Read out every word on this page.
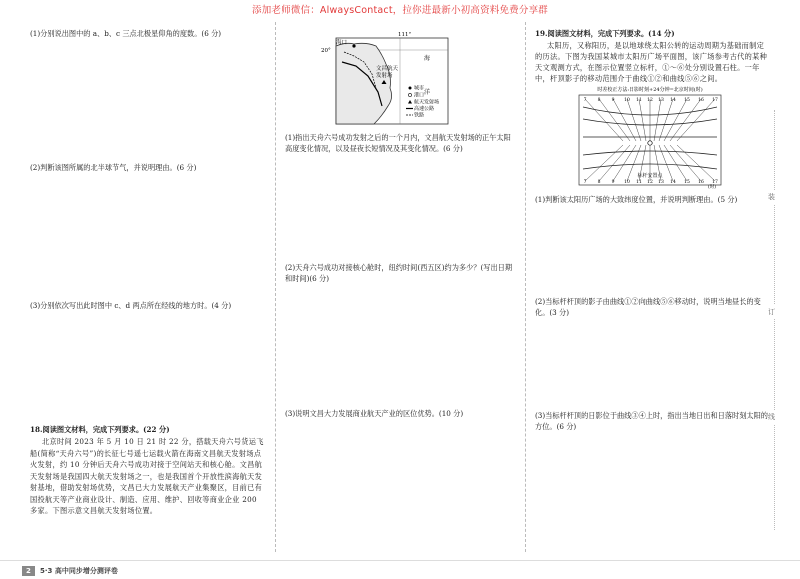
添加老师微信：AlwaysContact，拉你进最新小初高资料免费分享群
(1)分别说出图中的 a、b、c 三点北极星仰角的度数。(6 分)
(2)判断该图所属的北半球节气，并说明理由。(6 分)
(3)分别依次写出此时图中 c、d 两点所在经线的地方时。(4 分)
18.阅读图文材料，完成下列要求。(22 分)
北京时间 2023 年 5 月 10 日 21 时 22 分，搭载天舟六号货运飞船(简称“天舟六号”)的长征七号遥七运载火箭在海南文昌航天发射场点火发射，约 10 分钟后天舟六号成功对接于空间站天和核心舱。文昌航天发射场是我国四大航天发射场之一，也是我国首个开放性滨海航天发射基地，借助发射场优势，文昌已大力发展航天产业集聚区，目前已有国投航天等产业商业设计、制造、应用、维护、回收等商业企业 200 多家。下图示意文昌航天发射场位置。
(1)指出天舟六号成功发射之后的一个月内，文昌航天发射场的正午太阳高度变化情况，以及昼夜长短情况及其变化情况。(6 分)
(2)天舟六号成功对接核心舱时，纽约时间(西五区)约为多少？(写出日期和时间)(6 分)
(3)说明文昌大力发展商业航天产业的区位优势。(10 分)
111°
20°
海口
文昌航天
发射场
海
洋
城市
港口
航天发射场
高速公路
铁路
19.阅读图文材料，完成下列要求。(14 分)
太阳历，又称阳历，是以地球绕太阳公转的运动周期为基础而制定的历法。下图为我国某城市太阳历广场平面图，该广场参考古代的某种天文观测方式，在图示位置竖立标杆，①～⑥处分别设置石柱。一年中，杆顶影子的移动范围介于曲线①②和曲线⑤⑥之间。
(1)判断该太阳历广场的大致纬度位置，并说明判断理由。(5 分)
(2)当标杆杆顶的影子由曲线①②向曲线⑤⑥移动时，说明当地昼长的变化。(3 分)
(3)当标杆杆顶的日影位于曲线③④上时，指出当地日出和日落时刻太阳的方位。(6 分)
时差校正方法:日影时刻+24分钟=北京时间(时)
标杆安置点
(时)
7 8 9 10 11 12 13 14 15 16 17
7 8 9 10 11 12 13 14 15 16 17
装
订
线
2	5·3 高中同步增分测评卷
